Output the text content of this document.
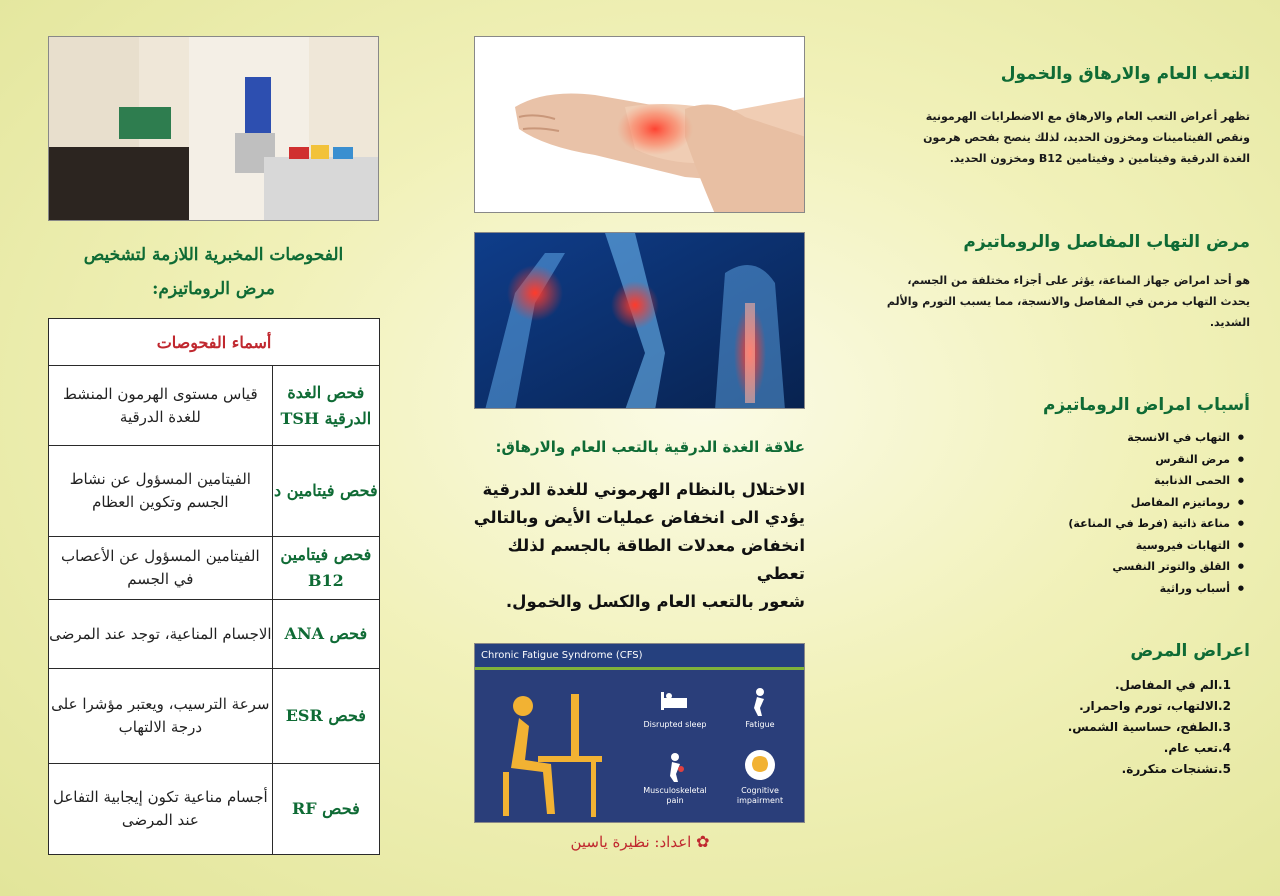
التعب العام والارهاق والخمول
تظهر أعراض التعب العام والارهاق مع الاضطرابات الهرمونية
ونقص الفيتامينات ومخزون الحديد، لذلك ينصح بفحص هرمون
الغدة الدرقية وفيتامين د وفيتامين B12 ومخزون الحديد.
مرض التهاب المفاصل والروماتيزم
هو أحد امراض جهاز المناعة، يؤثر على أجزاء مختلفة من الجسم،
يحدث التهاب مزمن في المفاصل والانسجة، مما يسبب التورم والألم
الشديد.
أسباب امراض الروماتيزم
● التهاب في الانسجة
● مرض النقرس
● الحمى الذنابية
● روماتيزم المفاصل
● مناعة ذاتية (فرط في المناعة)
● التهابات فيروسية
● القلق والتوتر النفسي
● أسباب وراثية
اعراض المرض
1.
الم في المفاصل.
2.
الالتهاب، تورم واحمرار.
3.
الطفح، حساسية الشمس.
4.
تعب عام.
5.
تشنجات متكررة.
علاقة الغدة الدرقية بالتعب العام والارهاق:
الاختلال بالنظام الهرموني للغدة الدرقية
يؤدي الى انخفاض عمليات الأيض وبالتالي
انخفاض معدلات الطاقة بالجسم لذلك تعطي
شعور بالتعب العام والكسل والخمول.
Chronic Fatigue Syndrome (CFS)
Disrupted sleep	Fatigue
Musculoskeletal pain
Cognitive impairment
✿ اعداد: نظيرة ياسين
الفحوصات المخبرية اللازمة لتشخيص
مرض الروماتيزم:
أسماء الفحوصات	
فحص الغدة الدرقية TSH	قياس مستوى الهرمون المنشط للغدة الدرقية
فحص فيتامين د	الفيتامين المسؤول عن نشاط الجسم وتكوين العظام
فحص فيتامين B12	الفيتامين المسؤول عن الأعصاب في الجسم
فحص ANA	الاجسام المناعية، توجد عند المرضى
فحص ESR	سرعة الترسيب، ويعتبر مؤشرا على درجة الالتهاب
فحص RF	أجسام مناعية تكون إيجابية التفاعل عند المرضى
